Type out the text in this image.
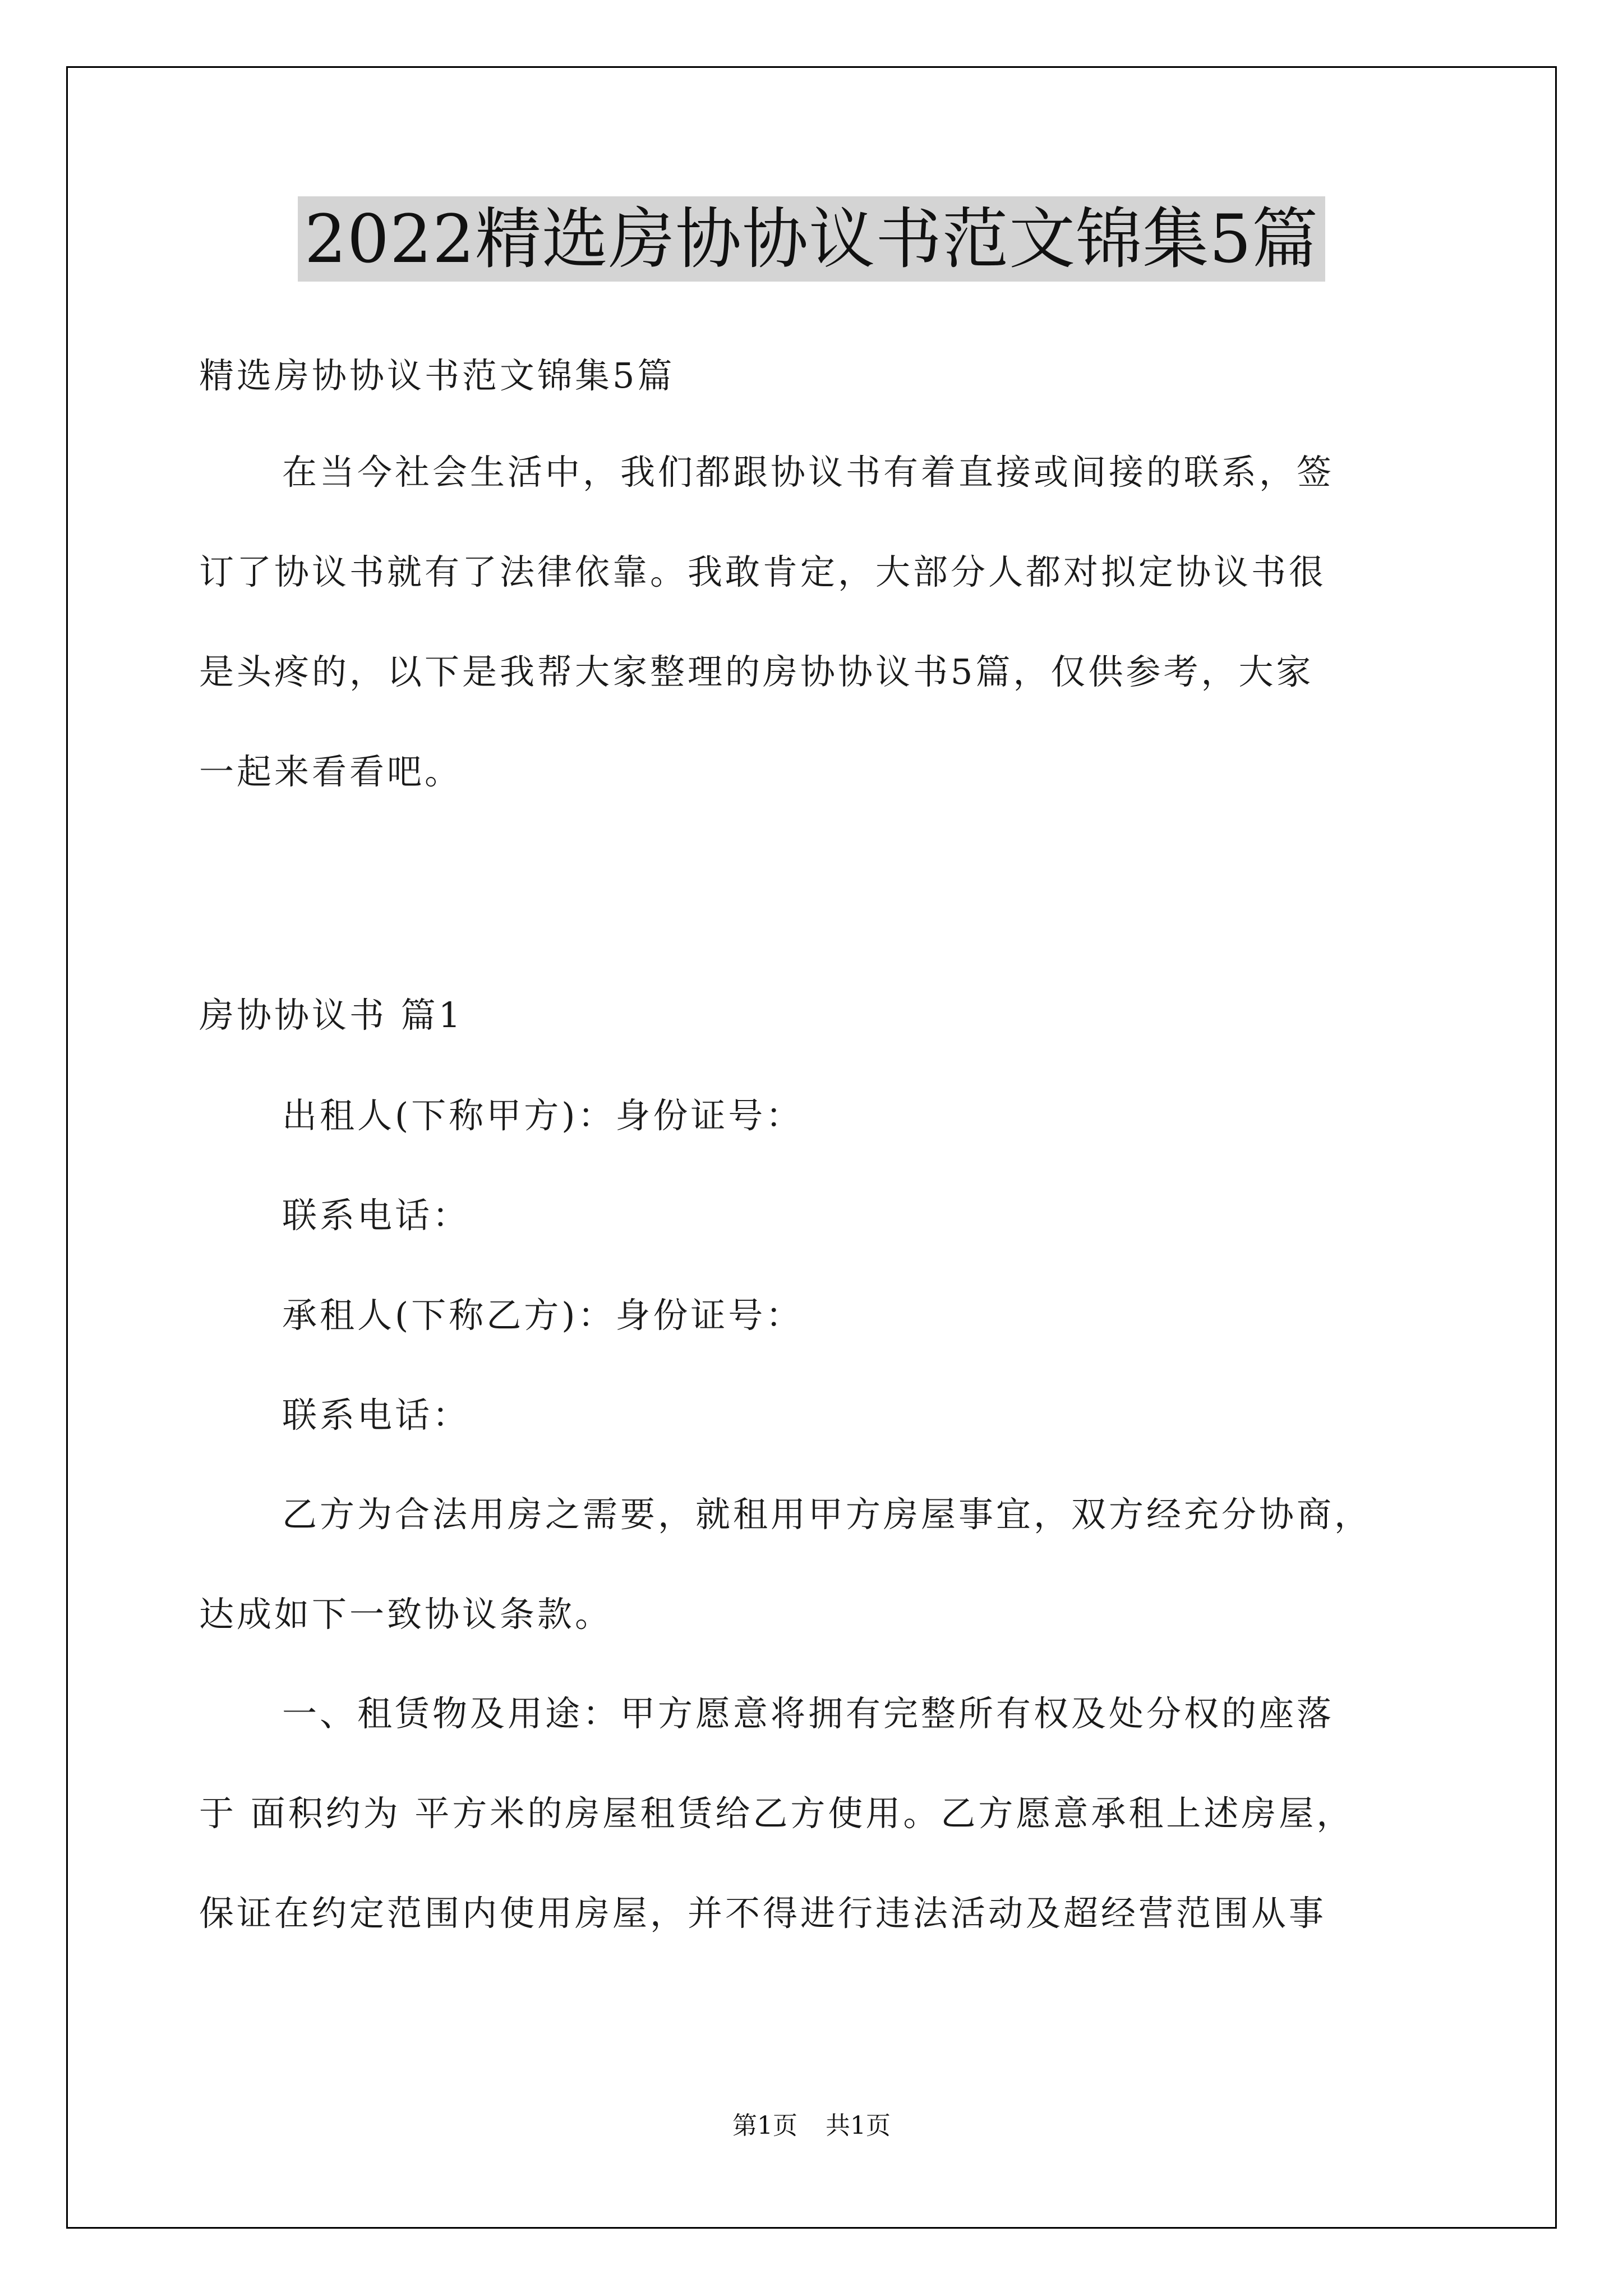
2022精选房协协议书范文锦集5篇

精选房协协议书范文锦集5篇

在当今社会生活中，我们都跟协议书有着直接或间接的联系，签

订了协议书就有了法律依靠。我敢肯定，大部分人都对拟定协议书很

是头疼的，以下是我帮大家整理的房协协议书5篇，仅供参考，大家

一起来看看吧。

房协协议书 篇1

出租人(下称甲方)：身份证号：

联系电话：

承租人(下称乙方)：身份证号：

联系电话：

乙方为合法用房之需要，就租用甲方房屋事宜，双方经充分协商，

达成如下一致协议条款。

一、租赁物及用途：甲方愿意将拥有完整所有权及处分权的座落

于 面积约为 平方米的房屋租赁给乙方使用。乙方愿意承租上述房屋，

保证在约定范围内使用房屋，并不得进行违法活动及超经营范围从事

第1页 共1页
